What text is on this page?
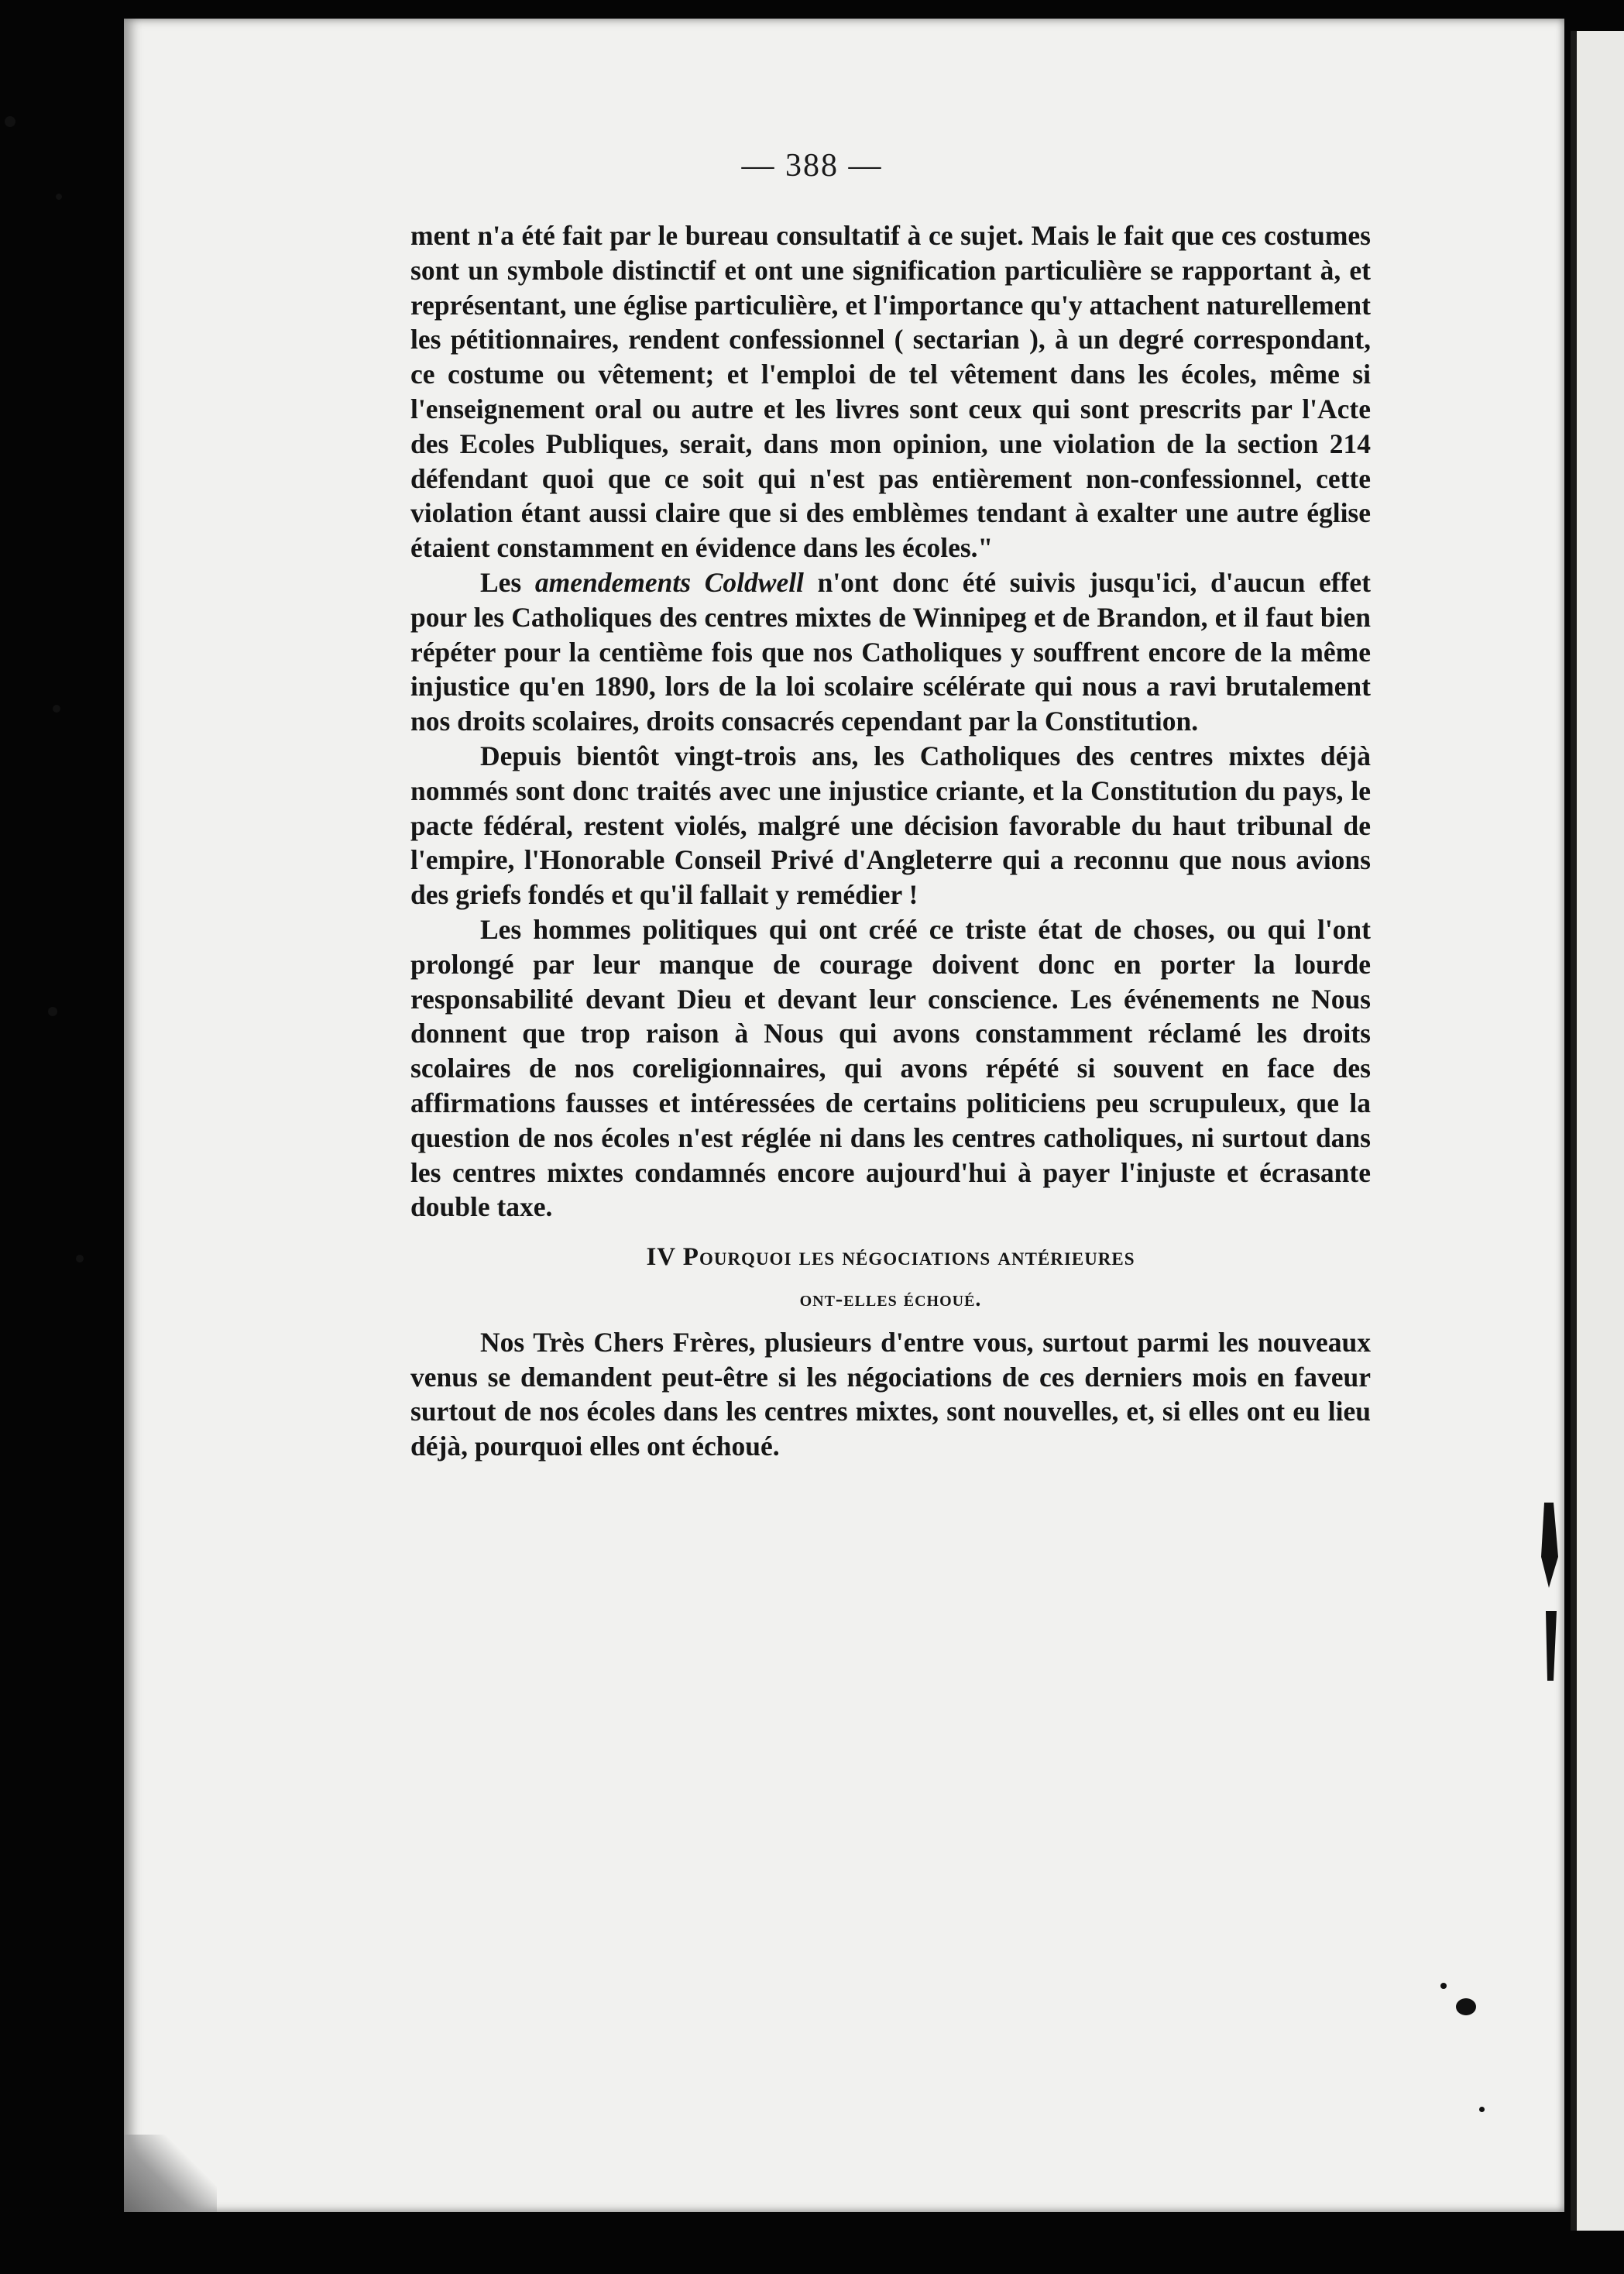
— 388 —

ment n'a été fait par le bureau consultatif à ce sujet. Mais le fait que ces costumes sont un symbole distinctif et ont une signification particulière se rapportant à, et représentant, une église particulière, et l'importance qu'y attachent naturellement les pétitionnaires, rendent confessionnel ( sectarian ), à un degré correspondant, ce costume ou vêtement; et l'emploi de tel vêtement dans les écoles, même si l'enseignement oral ou autre et les livres sont ceux qui sont prescrits par l'Acte des Ecoles Publiques, serait, dans mon opinion, une violation de la section 214 défendant quoi que ce soit qui n'est pas entièrement non-confessionnel, cette violation étant aussi claire que si des emblèmes tendant à exalter une autre église étaient constamment en évidence dans les écoles."

Les amendements Coldwell n'ont donc été suivis jusqu'ici, d'aucun effet pour les Catholiques des centres mixtes de Winnipeg et de Brandon, et il faut bien répéter pour la centième fois que nos Catholiques y souffrent encore de la même injustice qu'en 1890, lors de la loi scolaire scélérate qui nous a ravi brutalement nos droits scolaires, droits consacrés cependant par la Constitution.

Depuis bientôt vingt-trois ans, les Catholiques des centres mixtes déjà nommés sont donc traités avec une injustice criante, et la Constitution du pays, le pacte fédéral, restent violés, malgré une décision favorable du haut tribunal de l'empire, l'Honorable Conseil Privé d'Angleterre qui a reconnu que nous avions des griefs fondés et qu'il fallait y remédier !

Les hommes politiques qui ont créé ce triste état de choses, ou qui l'ont prolongé par leur manque de courage doivent donc en porter la lourde responsabilité devant Dieu et devant leur conscience. Les événements ne Nous donnent que trop raison à Nous qui avons constamment réclamé les droits scolaires de nos coreligionnaires, qui avons répété si souvent en face des affirmations fausses et intéressées de certains politiciens peu scrupuleux, que la question de nos écoles n'est réglée ni dans les centres catholiques, ni surtout dans les centres mixtes condamnés encore aujourd'hui à payer l'injuste et écrasante double taxe.

IV Pourquoi les négociations antérieures

ont-elles échoué.

Nos Très Chers Frères, plusieurs d'entre vous, surtout parmi les nouveaux venus se demandent peut-être si les négociations de ces derniers mois en faveur surtout de nos écoles dans les centres mixtes, sont nouvelles, et, si elles ont eu lieu déjà, pourquoi elles ont échoué.
